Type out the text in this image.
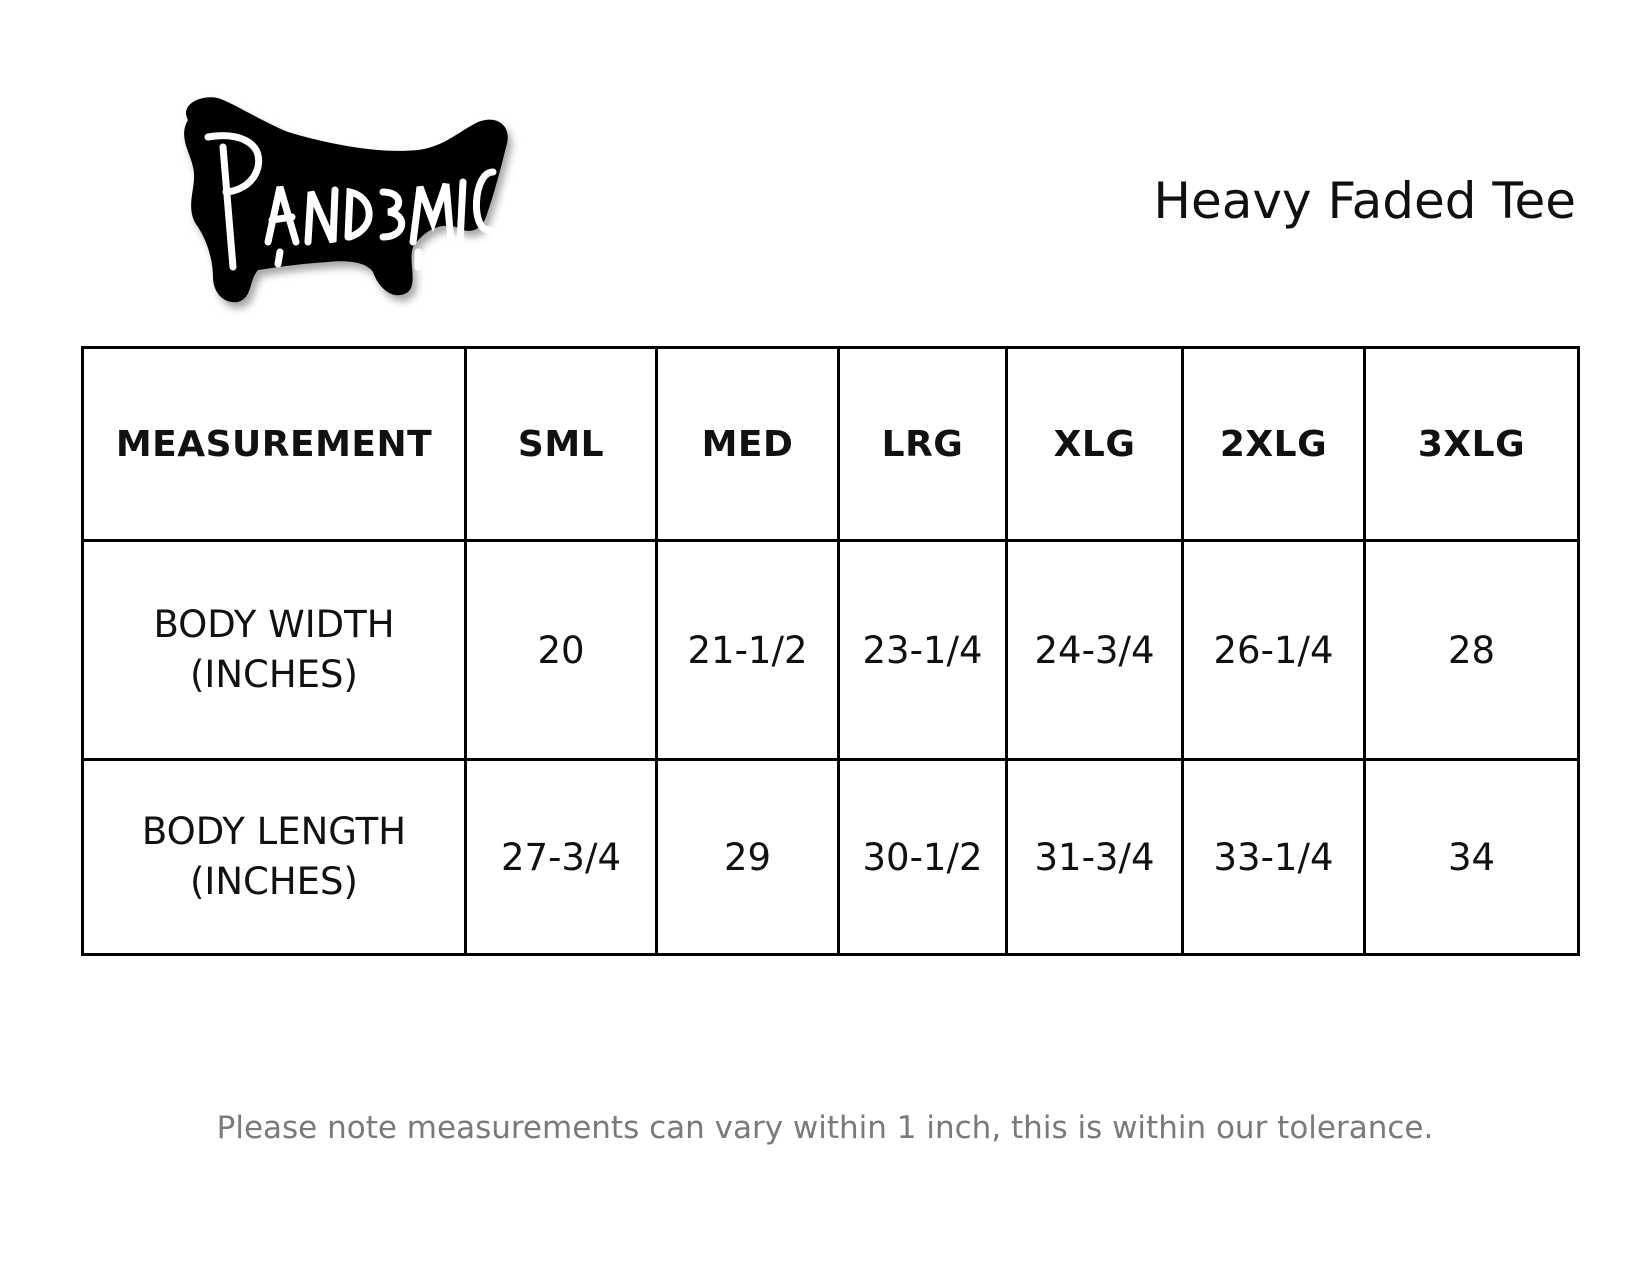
PANDEMIC
Heavy Faded Tee
MEASUREMENT	SML	MED	LRG	XLG	2XLG	3XLG

BODY WIDTH
(INCHES)	20	21-1/2	23-1/4	24-3/4	26-1/4	28

BODY LENGTH
(INCHES)	27-3/4	29	30-1/2	31-3/4	33-1/4	34
Please note measurements can vary within 1 inch, this is within our tolerance.
